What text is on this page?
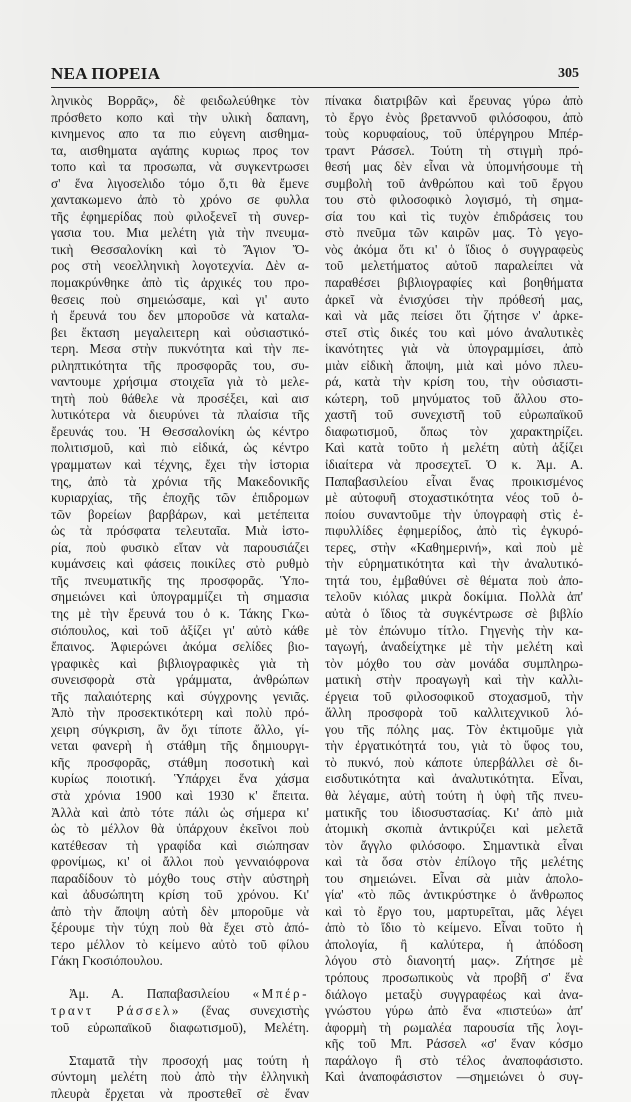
ΝΕΑ ΠΟΡΕΙΑ	305
ληνικὸς Βορρᾶς», δὲ φειδωλεύθηκε τὸν
πρόσθετο κοπο καὶ τὴν υλικὴ δαπανη,
κινημενος απο τα πιο εὐγενη αισθημα-
τα, αισθηματα αγάπης κυριως προς τον
τοπο καὶ τα προσωπα, νὰ συγκεντρωσει
σ' ἕνα λιγοσελιδο τόμο ὅ,τι θὰ ἔμενε
χαντακωμενο ἀπὸ τὸ χρόνο σε φυλλα
τῆς ἐφημερίδας ποὺ φιλοξενεῖ τὴ συνερ-
γασια του. Μια μελέτη γιὰ τὴν πνευμα-
τικὴ Θεσσαλονίκη καὶ τὸ Ἅγιον Ὄ-
ρος στὴ νεοελληνικὴ λογοτεχνία. Δὲν α-
πομακρύνθηκε ἀπὸ τὶς ἀρχικές του προ-
θεσεις ποὺ σημειώσαμε, καὶ γι' αυτο
ἡ ἔρευνά του δεν μποροῦσε νὰ καταλα-
βει ἔκταση μεγαλειτερη καὶ οὐσιαστικό-
τερη. Μεσα στὴν πυκνότητα καὶ τὴν πε-
ριληπτικότητα τῆς προσφορᾶς του, συ-
ναντουμε χρήσιμα στοιχεῖα γιὰ τὸ μελε-
τητὴ ποὺ θάθελε νὰ προσέξει, καὶ αισ
λυτικότερα νὰ διευρύνει τὰ πλαίσια τῆς
ἔρευνάς του. Ἡ Θεσσαλονίκη ὡς κέντρο
πολιτισμοῦ, καὶ πιὸ εἰδικά, ὡς κέντρο
γραμματων καὶ τέχνης, ἔχει τὴν ἱστορια
της, ἀπὸ τὰ χρόνια τῆς Μακεδονικῆς
κυριαρχίας, τῆς ἐποχῆς τῶν ἐπιδρομων
τῶν βορείων βαρβάρων, καὶ μετέπειτα
ὡς τὰ πρόσφατα τελευταῖα. Μιὰ ἱστο-
ρία, ποὺ φυσικὸ εἴταν νὰ παρουσιάζει
κυμάνσεις καὶ φάσεις ποικίλες στὸ ρυθμὸ
τῆς πνευματικῆς της προσφορᾶς. Ὑπο-
σημειώνει καὶ ὑπογραμμίζει τὴ σημασια
της μὲ τὴν ἔρευνά του ὁ κ. Τάκης Γκω-
σιόπουλος, καὶ τοῦ ἀξίζει γι' αὐτὸ κάθε
ἔπαινος. Ἀφιερώνει ἀκόμα σελίδες βιο-
γραφικὲς καὶ βιβλιογραφικὲς γιὰ τὴ
συνεισφορὰ στὰ γράμματα, ἀνθρώπων
τῆς παλαιότερης καὶ σύγχρονης γενιᾶς.
Ἀπὸ τὴν προσεκτικότερη καὶ πολὺ πρό-
χειρη σύγκριση, ἂν ὄχι τίποτε ἄλλο, γί-
νεται φανερὴ ἡ στάθμη τῆς δημιουργι-
κῆς προσφορᾶς, στάθμη ποσοτικὴ καὶ
κυρίως ποιοτική. Ὑπάρχει ἕνα χάσμα
στὰ χρόνια 1900 καὶ 1930 κ' ἔπειτα.
Ἀλλὰ καὶ ἀπὸ τότε πάλι ὡς σήμερα κι'
ὡς τὸ μέλλον θὰ ὑπάρχουν ἐκεῖνοι ποὺ
κατέθεσαν τὴ γραφίδα καὶ σιώπησαν
φρονίμως, κι' οἱ ἄλλοι ποὺ γενναιόφρονα
παραδίδουν τὸ μόχθο τους στὴν αὐστηρὴ
καὶ ἀδυσώπητη κρίση τοῦ χρόνου. Κι'
ἀπὸ τὴν ἄποψη αὐτὴ δὲν μποροῦμε νὰ
ξέρουμε τὴν τύχη ποὺ θὰ ἔχει στὸ ἀπό-
τερο μέλλον τὸ κείμενο αὐτὸ τοῦ φίλου
Γάκη Γκοσιόπουλου.
Ἀμ. Α. Παπαβασιλείου «Μπέρ-
τραντ Ράσσελ» (ἕνας συνεχιστὴς
τοῦ εὐρωπαϊκοῦ διαφωτισμοῦ), Μελέτη.
Σταματᾶ τὴν προσοχή μας τούτη ἡ
σύντομη μελέτη ποὺ ἀπὸ τὴν ἑλληνικὴ
πλευρὰ ἔρχεται νὰ προστεθεῖ σὲ ἕναν
πίνακα διατριβῶν καὶ ἔρευνας γύρω ἀπὸ
τὸ ἔργο ἑνὸς βρεταννοῦ φιλόσοφου, ἀπὸ
τοὺς κορυφαίους, τοῦ ὑπέργηρου Μπέρ-
τραντ Ράσσελ. Τούτη τὴ στιγμὴ πρό-
θεσή μας δὲν εἶναι νὰ ὑπομνήσουμε τὴ
συμβολὴ τοῦ ἀνθρώπου καὶ τοῦ ἔργου
του στὸ φιλοσοφικὸ λογισμό, τὴ σημα-
σία του καὶ τὶς τυχὸν ἐπιδράσεις του
στὸ πνεῦμα τῶν καιρῶν μας. Τὸ γεγο-
νὸς ἀκόμα ὅτι κι' ὁ ἴδιος ὁ συγγραφεὺς
τοῦ μελετήματος αὐτοῦ παραλείπει νὰ
παραθέσει βιβλιογραφίες καὶ βοηθήματα
ἀρκεῖ νὰ ἐνισχύσει τὴν πρόθεσή μας,
καὶ νὰ μᾶς πείσει ὅτι ζήτησε ν' ἀρκε-
στεῖ στὶς δικές του καὶ μόνο ἀναλυτικὲς
ἱκανότητες γιὰ νὰ ὑπογραμμίσει, ἀπὸ
μιὰν εἰδικὴ ἄποψη, μιὰ καὶ μόνο πλευ-
ρά, κατὰ τὴν κρίση του, τὴν οὐσιαστι-
κώτερη, τοῦ μηνύματος τοῦ ἄλλου στο-
χαστῆ τοῦ συνεχιστῆ τοῦ εὐρωπαϊκοῦ
διαφωτισμοῦ, ὅπως τὸν χαρακτηρίζει.
Καὶ κατὰ τοῦτο ἡ μελέτη αὐτὴ ἀξίζει
ἰδιαίτερα νὰ προσεχτεῖ. Ὁ κ. Ἀμ. Α.
Παπαβασιλείου εἶναι ἕνας προικισμένος
μὲ αὐτοφυῆ στοχαστικότητα νέος τοῦ ὁ-
ποίου συναντοῦμε τὴν ὑπογραφὴ στὶς ἐ-
πιφυλλίδες ἐφημερίδος, ἀπὸ τὶς ἐγκυρό-
τερες, στὴν «Καθημερινή», καὶ ποὺ μὲ
τὴν εὑρηματικότητα καὶ τὴν ἀναλυτικό-
τητά του, ἐμβαθύνει σὲ θέματα ποὺ ἀπο-
τελοῦν κιόλας μικρὰ δοκίμια. Πολλὰ ἀπ'
αὐτὰ ὁ ἴδιος τὰ συγκέντρωσε σὲ βιβλίο
μὲ τὸν ἐπώνυμο τίτλο. Γηγενὴς τὴν κα-
ταγωγή, ἀναδείχτηκε μὲ τὴν μελέτη καὶ
τὸν μόχθο του σὰν μονάδα συμπληρω-
ματικὴ στὴν προαγωγὴ καὶ τὴν καλλι-
έργεια τοῦ φιλοσοφικοῦ στοχασμοῦ, τὴν
ἄλλη προσφορὰ τοῦ καλλιτεχνικοῦ λό-
γου τῆς πόλης μας. Τὸν ἐκτιμοῦμε γιὰ
τὴν ἐργατικότητά του, γιὰ τὸ ὕφος του,
τὸ πυκνό, ποὺ κάποτε ὑπερβάλλει σὲ δι-
εισδυτικότητα καὶ ἀναλυτικότητα. Εἶναι,
θὰ λέγαμε, αὐτὴ τούτη ἡ ὑφὴ τῆς πνευ-
ματικῆς του ἰδιοσυστασίας. Κι' ἀπὸ μιὰ
ἀτομικὴ σκοπιὰ ἀντικρύζει καὶ μελετᾶ
τὸν ἄγγλο φιλόσοφο. Σημαντικὰ εἶναι
καὶ τὰ ὅσα στὸν ἐπίλογο τῆς μελέτης
του σημειώνει. Εἶναι σὰ μιὰν ἀπολο-
γία' «τὸ πῶς ἀντικρύστηκε ὁ ἄνθρωπος
καὶ τὸ ἔργο του, μαρτυρεῖται, μᾶς λέγει
ἀπὸ τὸ ἴδιο τὸ κείμενο. Εἶναι τοῦτο ἡ
ἀπολογία, ἢ καλύτερα, ἡ ἀπόδοση
λόγου στὸ διανοητή μας». Ζήτησε μὲ
τρόπους προσωπικοὺς νὰ προβῆ σ' ἕνα
διάλογο μεταξὺ συγγραφέως καὶ ἀνα-
γνώστου γύρω ἀπὸ ἕνα «πιστεύω» ἀπ'
ἀφορμὴ τὴ ρωμαλέα παρουσία τῆς λογι-
κῆς τοῦ Μπ. Ράσσελ «σ' ἕναν κόσμο
παράλογο ἢ στὸ τέλος ἀναποφάσιστο.
Καὶ ἀναποφάσιστον —σημειώνει ὁ συγ-
